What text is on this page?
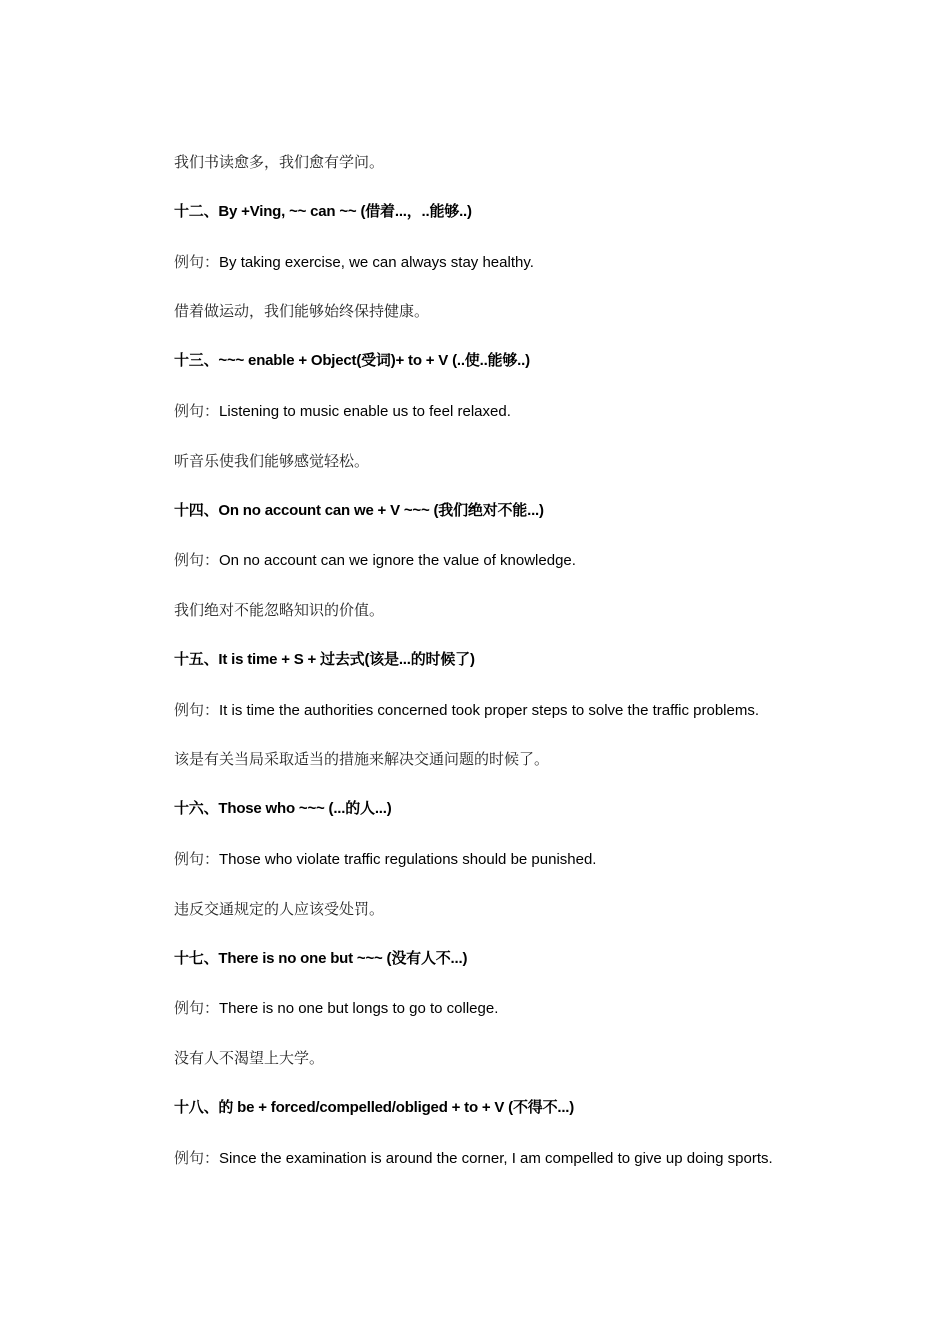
我们书读愈多，我们愈有学问。
十二、By +Ving, ~~ can ~~ (借着...，..能够..)
例句：By taking exercise, we can always stay healthy.
借着做运动，我们能够始终保持健康。
十三、~~~ enable + Object(受词)+ to + V (..使..能够..)
例句：Listening to music enable us to feel relaxed.
听音乐使我们能够感觉轻松。
十四、On no account can we + V ~~~ (我们绝对不能...)
例句：On no account can we ignore the value of knowledge.
我们绝对不能忽略知识的价值。
十五、It is time + S + 过去式(该是...的时候了)
例句：It is time the authorities concerned took proper steps to solve the traffic problems.
该是有关当局采取适当的措施来解决交通问题的时候了。
十六、Those who ~~~ (...的人...)
例句：Those who violate traffic regulations should be punished.
违反交通规定的人应该受处罚。
十七、There is no one but ~~~ (没有人不...)
例句：There is no one but longs to go to college.
没有人不渴望上大学。
十八、的 be + forced/compelled/obliged + to + V (不得不...)
例句：Since the examination is around the corner, I am compelled to give up doing sports.
